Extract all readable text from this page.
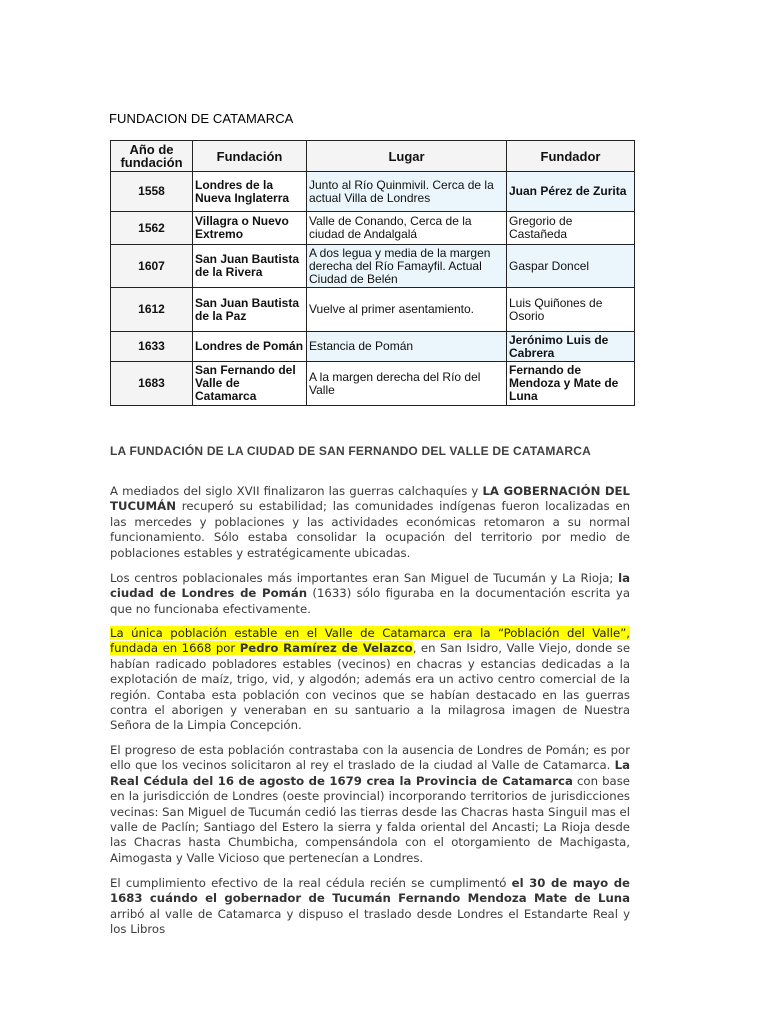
FUNDACION DE CATAMARCA
Año de fundación	Fundación	Lugar	Fundador
1558	Londres de la Nueva Inglaterra	Junto al Río Quinmivil. Cerca de la actual Villa de Londres	Juan Pérez de Zurita
1562	Villagra o Nuevo Extremo	Valle de Conando, Cerca de la ciudad de Andalgalá	Gregorio de Castañeda
1607	San Juan Bautista de la Rivera	A dos legua y media de la margen derecha del Río Famayfil. Actual Ciudad de Belén	Gaspar Doncel
1612	San Juan Bautista de la Paz	Vuelve al primer asentamiento.	Luis Quiñones de Osorio
1633	Londres de Pomán	Estancia de Pomán	Jerónimo Luis de Cabrera
1683	San Fernando del Valle de Catamarca	A la margen derecha del Río del Valle	Fernando de Mendoza y Mate de Luna
LA FUNDACIÓN DE LA CIUDAD DE SAN FERNANDO DEL VALLE DE CATAMARCA

A mediados del siglo XVII finalizaron las guerras calchaquíes y LA GOBERNACIÓN DEL TUCUMÁN recuperó su estabilidad; las comunidades indígenas fueron localizadas en las mercedes y poblaciones y las actividades económicas retomaron a su normal funcionamiento. Sólo estaba consolidar la ocupación del territorio por medio de poblaciones estables y estratégicamente ubicadas.

Los centros poblacionales más importantes eran San Miguel de Tucumán y La Rioja; la ciudad de Londres de Pomán (1633) sólo figuraba en la documentación escrita ya que no funcionaba efectivamente.

La única población estable en el Valle de Catamarca era la “Población del Valle”, fundada en 1668 por Pedro Ramírez de Velazco, en San Isidro, Valle Viejo, donde se habían radicado pobladores estables (vecinos) en chacras y estancias dedicadas a la explotación de maíz, trigo, vid, y algodón; además era un activo centro comercial de la región. Contaba esta población con vecinos que se habían destacado en las guerras contra el aborigen y veneraban en su santuario a la milagrosa imagen de Nuestra Señora de la Limpia Concepción.

El progreso de esta población contrastaba con la ausencia de Londres de Pomán; es por ello que los vecinos solicitaron al rey el traslado de la ciudad al Valle de Catamarca. La Real Cédula del 16 de agosto de 1679 crea la Provincia de Catamarca con base en la jurisdicción de Londres (oeste provincial) incorporando territorios de jurisdicciones vecinas: San Miguel de Tucumán cedió las tierras desde las Chacras hasta Singuil mas el valle de Paclín; Santiago del Estero la sierra y falda oriental del Ancasti; La Rioja desde las Chacras hasta Chumbicha, compensándola con el otorgamiento de Machigasta, Aimogasta y Valle Vicioso que pertenecían a Londres.

El cumplimiento efectivo de la real cédula recién se cumplimentó el 30 de mayo de 1683 cuándo el gobernador de Tucumán Fernando Mendoza Mate de Luna arribó al valle de Catamarca y dispuso el traslado desde Londres el Estandarte Real y los Libros
